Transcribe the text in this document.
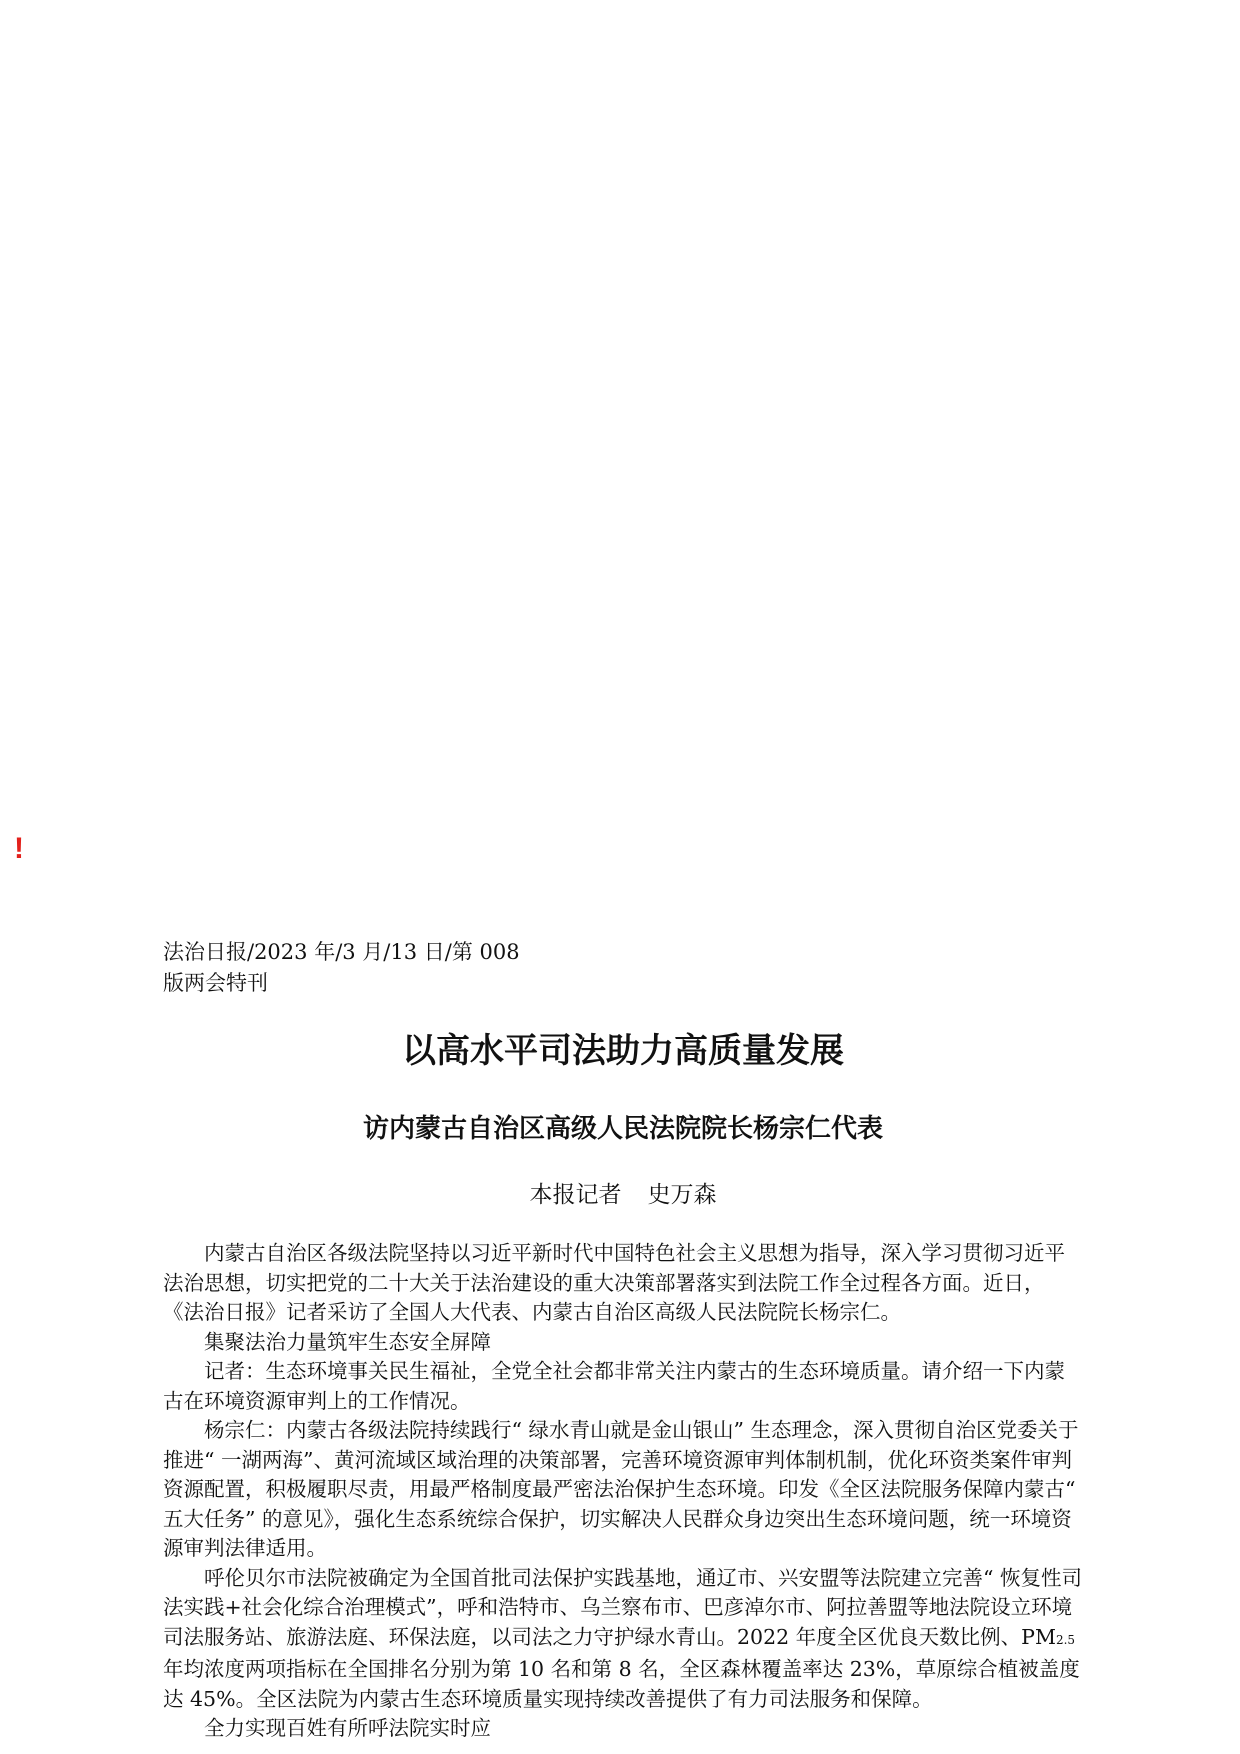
!
法治日报/2023 年/3 月/13 日/第 008
版两会特刊
以高水平司法助力高质量发展
访内蒙古自治区高级人民法院院长杨宗仁代表
本报记者 史万森

内蒙古自治区各级法院坚持以习近平新时代中国特色社会主义思想为指导，深入学习贯彻习近平法治思想，切实把党的二十大关于法治建设的重大决策部署落实到法院工作全过程各方面。近日， 《法治日报》记者采访了全国人大代表、内蒙古自治区高级人民法院院长杨宗仁。

集聚法治力量筑牢生态安全屏障

记者：生态环境事关民生福祉，全党全社会都非常关注内蒙古的生态环境质量。请介绍一下内蒙古在环境资源审判上的工作情况。

杨宗仁：内蒙古各级法院持续践行“ 绿水青山就是金山银山” 生态理念，深入贯彻自治区党委关于推进“ 一湖两海”、黄河流域区域治理的决策部署，完善环境资源审判体制机制，优化环资类案件审判资源配置，积极履职尽责，用最严格制度最严密法治保护生态环境。印发《全区法院服务保障内蒙古“ 五大任务” 的意见》，强化生态系统综合保护，切实解决人民群众身边突出生态环境问题，统一环境资源审判法律适用。

呼伦贝尔市法院被确定为全国首批司法保护实践基地，通辽市、兴安盟等法院建立完善“ 恢复性司法实践+社会化综合治理模式”，呼和浩特市、乌兰察布市、巴彦淖尔市、阿拉善盟等地法院设立环境司法服务站、旅游法庭、环保法庭，以司法之力守护绿水青山。2022 年度全区优良天数比例、PM2.5 年均浓度两项指标在全国排名分别为第 10 名和第 8 名，全区森林覆盖率达 23%，草原综合植被盖度达 45%。全区法院为内蒙古生态环境质量实现持续改善提供了有力司法服务和保障。

全力实现百姓有所呼法院实时应
